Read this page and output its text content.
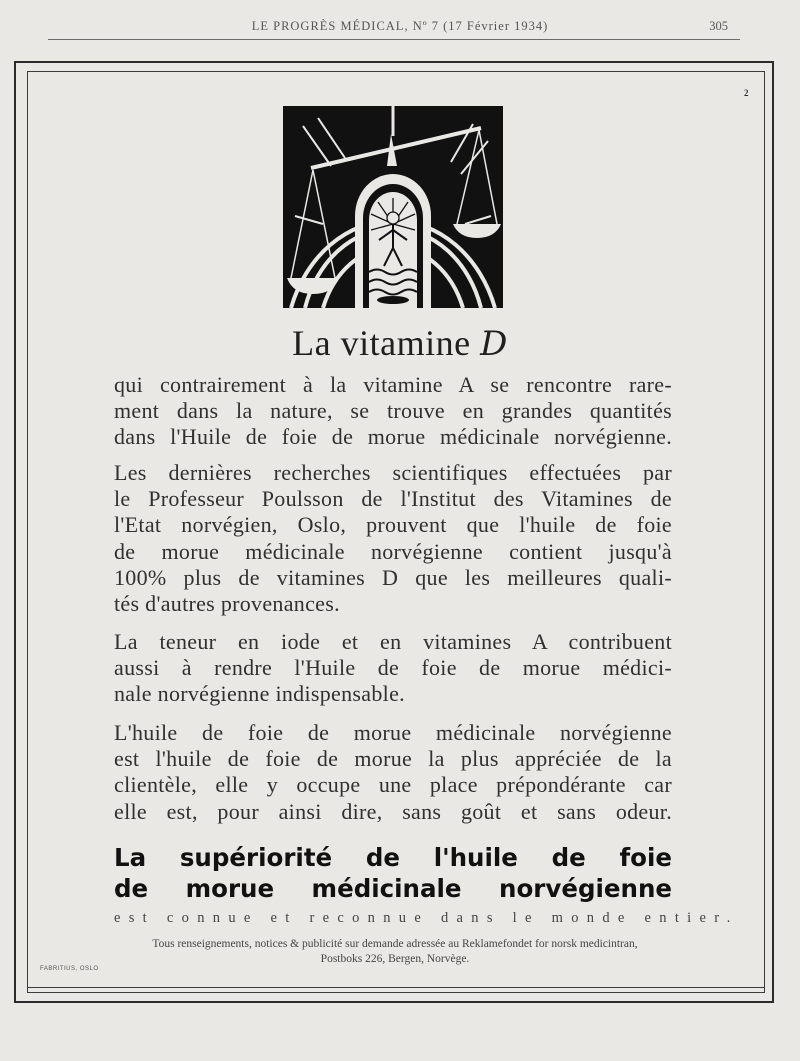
LE PROGRÈS MÉDICAL, Nº 7 (17 Février 1934)	305
2
La vitamine D
qui contrairement à la vitamine A se rencontre rare-
ment dans la nature, se trouve en grandes quantités
dans l'Huile de foie de morue médicinale norvégienne.
Les dernières recherches scientifiques effectuées par
le Professeur Poulsson de l'Institut des Vitamines de
l'Etat norvégien, Oslo, prouvent que l'huile de foie
de morue médicinale norvégienne contient jusqu'à
100% plus de vitamines D que les meilleures quali-
tés d'autres provenances.
La teneur en iode et en vitamines A contribuent
aussi à rendre l'Huile de foie de morue médici-
nale norvégienne indispensable.
L'huile de foie de morue médicinale norvégienne
est l'huile de foie de morue la plus appréciée de la
clientèle, elle y occupe une place prépondérante car
elle est, pour ainsi dire, sans goût et sans odeur.
La supériorité de l'huile de foie
de morue médicinale norvégienne
est connue et reconnue dans le monde entier.
Tous renseignements, notices & publicité sur demande adressée au Reklamefondet for norsk medicintran,
Postboks 226, Bergen, Norvège.
FABRITIUS, OSLO
